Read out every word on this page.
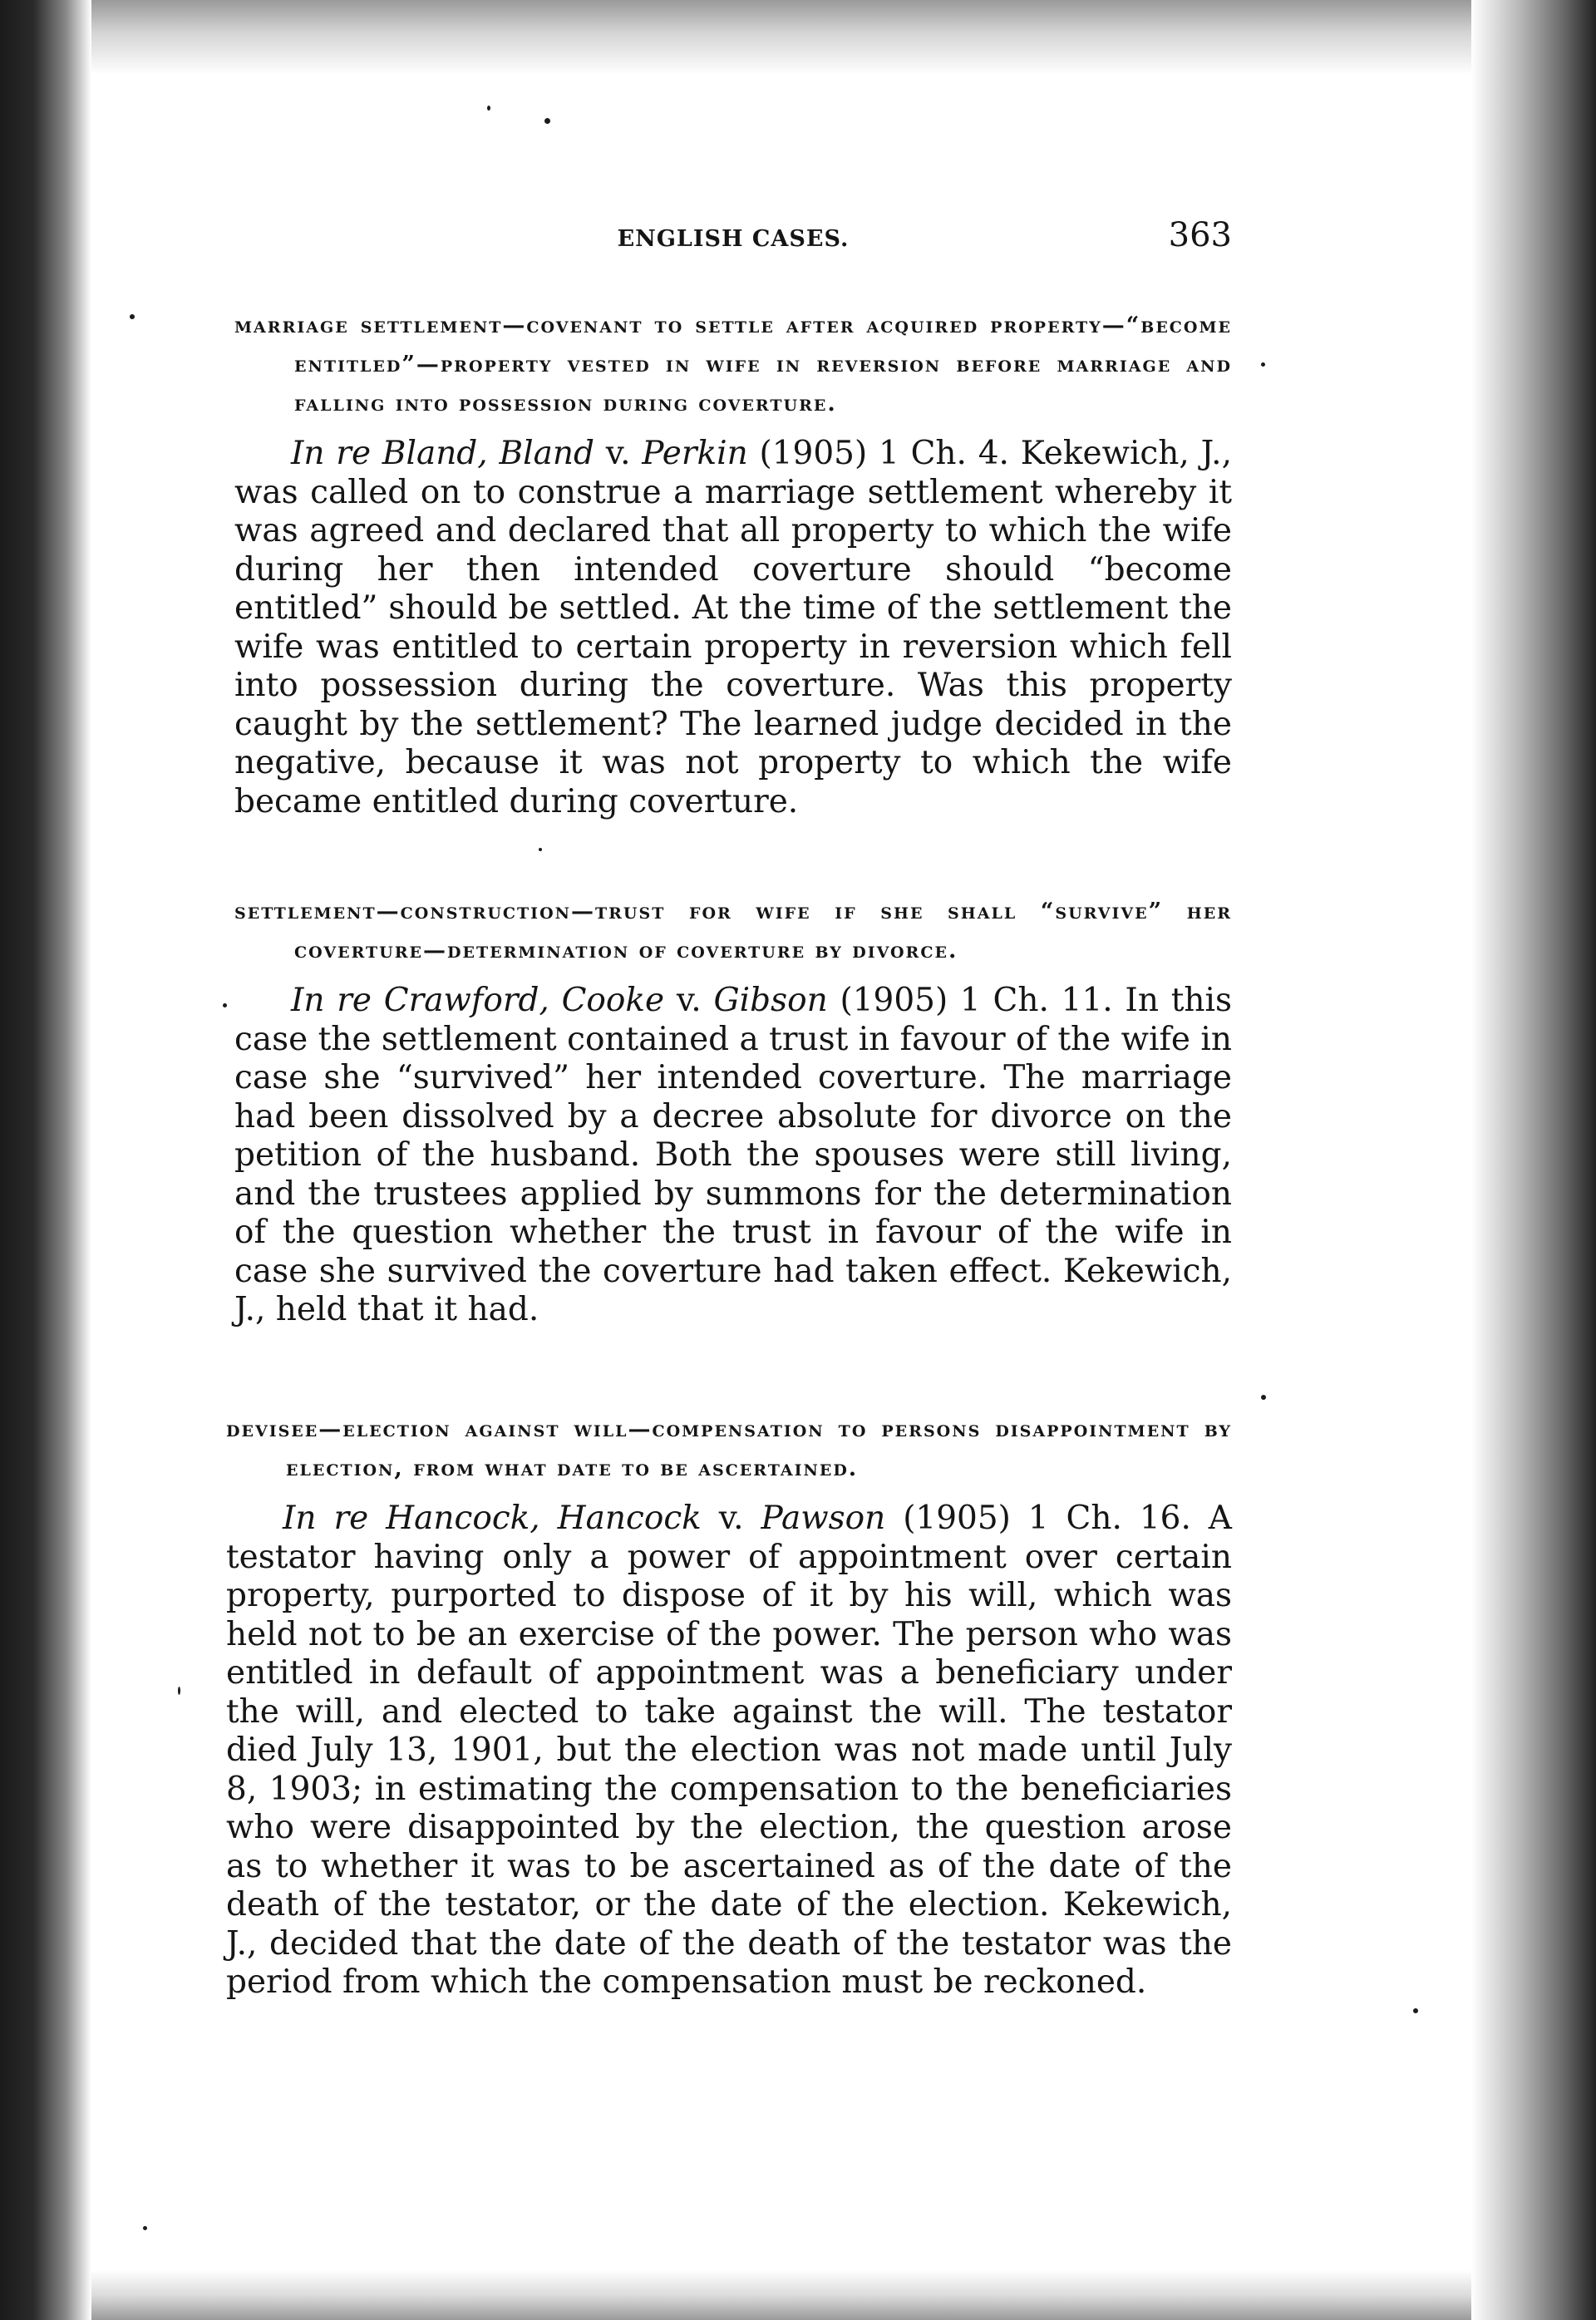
ENGLISH CASES.	363
marriage settlement—covenant to settle after acquired property—“become entitled”—property vested in wife in reversion before marriage and falling into possession during coverture.

In re Bland, Bland v. Perkin (1905) 1 Ch. 4. Kekewich, J., was called on to construe a marriage settlement whereby it was agreed and declared that all property to which the wife during her then intended coverture should “become entitled” should be settled. At the time of the settlement the wife was entitled to certain property in reversion which fell into possession during the coverture. Was this property caught by the settlement? The learned judge decided in the negative, because it was not property to which the wife became entitled during coverture.

settlement—construction—trust for wife if she shall “survive” her coverture—determination of coverture by divorce.

In re Crawford, Cooke v. Gibson (1905) 1 Ch. 11. In this case the settlement contained a trust in favour of the wife in case she “survived” her intended coverture. The marriage had been dissolved by a decree absolute for divorce on the petition of the husband. Both the spouses were still living, and the trustees applied by summons for the determination of the question whether the trust in favour of the wife in case she survived the coverture had taken effect. Kekewich, J., held that it had.

devisee—election against will—compensation to persons disappointment by election, from what date to be ascertained.

In re Hancock, Hancock v. Pawson (1905) 1 Ch. 16. A testator having only a power of appointment over certain property, purported to dispose of it by his will, which was held not to be an exercise of the power. The person who was entitled in default of appointment was a beneficiary under the will, and elected to take against the will. The testator died July 13, 1901, but the election was not made until July 8, 1903; in estimating the compensation to the beneficiaries who were disappointed by the election, the question arose as to whether it was to be ascertained as of the date of the death of the testator, or the date of the election. Kekewich, J., decided that the date of the death of the testator was the period from which the compensation must be reckoned.
